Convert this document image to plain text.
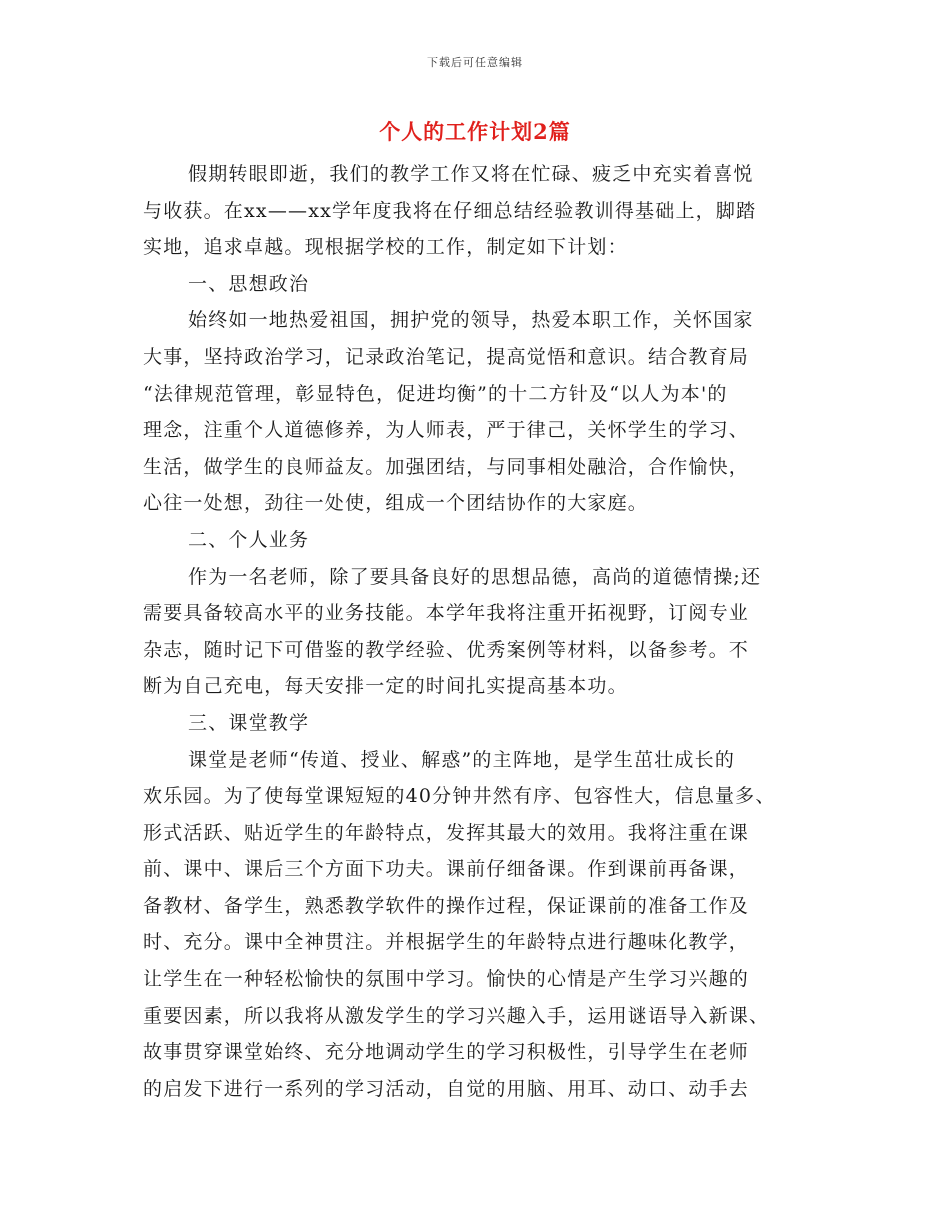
下载后可任意编辑
个人的工作计划2篇
假期转眼即逝，我们的教学工作又将在忙碌、疲乏中充实着喜悦
与收获。在xx——xx学年度我将在仔细总结经验教训得基础上，脚踏
实地，追求卓越。现根据学校的工作，制定如下计划：
一、思想政治
始终如一地热爱祖国，拥护党的领导，热爱本职工作，关怀国家
大事，坚持政治学习，记录政治笔记，提高觉悟和意识。结合教育局
“法律规范管理，彰显特色，促进均衡”的十二方针及“以人为本'的
理念，注重个人道德修养，为人师表，严于律己，关怀学生的学习、
生活，做学生的良师益友。加强团结，与同事相处融洽，合作愉快，
心往一处想，劲往一处使，组成一个团结协作的大家庭。
二、个人业务
作为一名老师，除了要具备良好的思想品德，高尚的道德情操;还
需要具备较高水平的业务技能。本学年我将注重开拓视野，订阅专业
杂志，随时记下可借鉴的教学经验、优秀案例等材料，以备参考。不
断为自己充电，每天安排一定的时间扎实提高基本功。
三、课堂教学
课堂是老师“传道、授业、解惑”的主阵地，是学生茁壮成长的
欢乐园。为了使每堂课短短的40分钟井然有序、包容性大，信息量多、
形式活跃、贴近学生的年龄特点，发挥其最大的效用。我将注重在课
前、课中、课后三个方面下功夫。课前仔细备课。作到课前再备课，
备教材、备学生，熟悉教学软件的操作过程，保证课前的准备工作及
时、充分。课中全神贯注。并根据学生的年龄特点进行趣味化教学，
让学生在一种轻松愉快的氛围中学习。愉快的心情是产生学习兴趣的
重要因素，所以我将从激发学生的学习兴趣入手，运用谜语导入新课、
故事贯穿课堂始终、充分地调动学生的学习积极性，引导学生在老师
的启发下进行一系列的学习活动，自觉的用脑、用耳、动口、动手去
